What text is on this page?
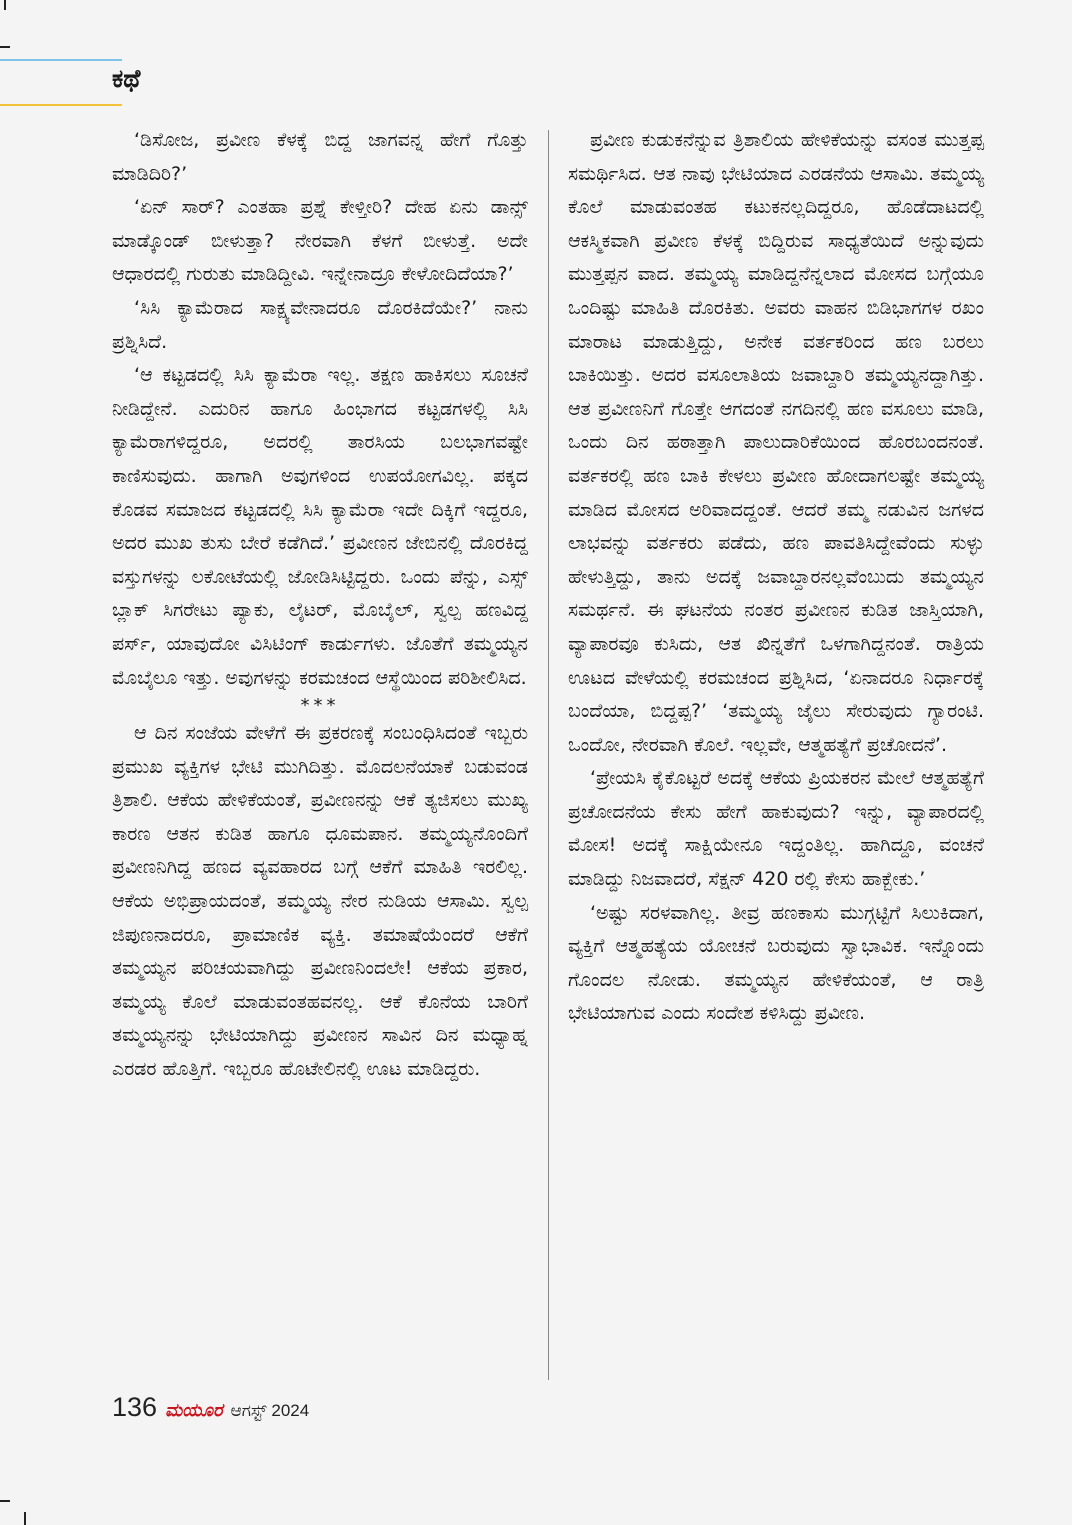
ಕಥೆ

‘ಡಿಸೋಜ, ಪ್ರವೀಣ ಕೆಳಕ್ಕೆ ಬಿದ್ದ ಜಾಗವನ್ನ ಹೇಗೆ ಗೊತ್ತು ಮಾಡಿದಿರಿ?’

‘ಏನ್ ಸಾರ್? ಎಂತಹಾ ಪ್ರಶ್ನೆ ಕೇಳ್ತೀರಿ? ದೇಹ ಏನು ಡಾನ್ಸ್ ಮಾಡ್ಕೊಂಡ್ ಬೀಳುತ್ತಾ? ನೇರವಾಗಿ ಕೆಳಗೆ ಬೀಳುತ್ತೆ. ಅದೇ ಆಧಾರದಲ್ಲಿ ಗುರುತು ಮಾಡಿದ್ದೀವಿ. ಇನ್ನೇನಾದ್ರೂ ಕೇಳೋದಿದೆಯಾ?’

‘ಸಿಸಿ ಕ್ಯಾಮೆರಾದ ಸಾಕ್ಷ್ಯವೇನಾದರೂ ದೊರಕಿದೆಯೇ?’ ನಾನು ಪ್ರಶ್ನಿಸಿದೆ.

‘ಆ ಕಟ್ಟಡದಲ್ಲಿ ಸಿಸಿ ಕ್ಯಾಮೆರಾ ಇಲ್ಲ. ತಕ್ಷಣ ಹಾಕಿಸಲು ಸೂಚನೆ ನೀಡಿದ್ದೇನೆ. ಎದುರಿನ ಹಾಗೂ ಹಿಂಭಾಗದ ಕಟ್ಟಡಗಳಲ್ಲಿ ಸಿಸಿ ಕ್ಯಾಮೆರಾಗಳಿದ್ದರೂ, ಅದರಲ್ಲಿ ತಾರಸಿಯ ಬಲಭಾಗವಷ್ಟೇ ಕಾಣಿಸುವುದು. ಹಾಗಾಗಿ ಅವುಗಳಿಂದ ಉಪಯೋಗವಿಲ್ಲ. ಪಕ್ಕದ ಕೊಡವ ಸಮಾಜದ ಕಟ್ಟಡದಲ್ಲಿ ಸಿಸಿ ಕ್ಯಾಮೆರಾ ಇದೇ ದಿಕ್ಕಿಗೆ ಇದ್ದರೂ, ಅದರ ಮುಖ ತುಸು ಬೇರೆ ಕಡೆಗಿದೆ.’ ಪ್ರವೀಣನ ಜೇಬಿನಲ್ಲಿ ದೊರಕಿದ್ದ ವಸ್ತುಗಳನ್ನು ಲಕೋಟೆಯಲ್ಲಿ ಜೋಡಿಸಿಟ್ಟಿದ್ದರು. ಒಂದು ಪೆನ್ನು, ಎಸ್ಸ್ ಬ್ಲಾಕ್ ಸಿಗರೇಟು ಪ್ಯಾಕು, ಲೈಟರ್, ಮೊಬೈಲ್, ಸ್ವಲ್ಪ ಹಣವಿದ್ದ ಪರ್ಸ್, ಯಾವುದೋ ವಿಸಿಟಿಂಗ್ ಕಾರ್ಡುಗಳು. ಜೊತೆಗೆ ತಮ್ಮಯ್ಯನ ಮೊಬೈಲೂ ಇತ್ತು. ಅವುಗಳನ್ನು ಕರಮಚಂದ ಆಸ್ಥೆಯಿಂದ ಪರಿಶೀಲಿಸಿದ.

***

ಆ ದಿನ ಸಂಜೆಯ ವೇಳೆಗೆ ಈ ಪ್ರಕರಣಕ್ಕೆ ಸಂಬಂಧಿಸಿದಂತೆ ಇಬ್ಬರು ಪ್ರಮುಖ ವ್ಯಕ್ತಿಗಳ ಭೇಟಿ ಮುಗಿದಿತ್ತು. ಮೊದಲನೆಯಾಕೆ ಬಡುವಂಡ ತ್ರಿಶಾಲಿ. ಆಕೆಯ ಹೇಳಿಕೆಯಂತೆ, ಪ್ರವೀಣನನ್ನು ಆಕೆ ತ್ಯಜಿಸಲು ಮುಖ್ಯ ಕಾರಣ ಆತನ ಕುಡಿತ ಹಾಗೂ ಧೂಮಪಾನ. ತಮ್ಮಯ್ಯನೊಂದಿಗೆ ಪ್ರವೀಣನಿಗಿದ್ದ ಹಣದ ವ್ಯವಹಾರದ ಬಗ್ಗೆ ಆಕೆಗೆ ಮಾಹಿತಿ ಇರಲಿಲ್ಲ. ಆಕೆಯ ಅಭಿಪ್ರಾಯದಂತೆ, ತಮ್ಮಯ್ಯ ನೇರ ನುಡಿಯ ಆಸಾಮಿ. ಸ್ವಲ್ಪ ಜಿಪುಣನಾದರೂ, ಪ್ರಾಮಾಣಿಕ ವ್ಯಕ್ತಿ. ತಮಾಷೆಯೆಂದರೆ ಆಕೆಗೆ ತಮ್ಮಯ್ಯನ ಪರಿಚಯವಾಗಿದ್ದು ಪ್ರವೀಣನಿಂದಲೇ! ಆಕೆಯ ಪ್ರಕಾರ, ತಮ್ಮಯ್ಯ ಕೊಲೆ ಮಾಡುವಂತಹವನಲ್ಲ. ಆಕೆ ಕೊನೆಯ ಬಾರಿಗೆ ತಮ್ಮಯ್ಯನನ್ನು ಭೇಟಿಯಾಗಿದ್ದು ಪ್ರವೀಣನ ಸಾವಿನ ದಿನ ಮಧ್ಯಾಹ್ನ ಎರಡರ ಹೊತ್ತಿಗೆ. ಇಬ್ಬರೂ ಹೊಟೇಲಿನಲ್ಲಿ ಊಟ ಮಾಡಿದ್ದರು.

ಪ್ರವೀಣ ಕುಡುಕನೆನ್ನುವ ತ್ರಿಶಾಲಿಯ ಹೇಳಿಕೆಯನ್ನು ವಸಂತ ಮುತ್ತಪ್ಪ ಸಮರ್ಥಿಸಿದ. ಆತ ನಾವು ಭೇಟಿಯಾದ ಎರಡನೆಯ ಆಸಾಮಿ. ತಮ್ಮಯ್ಯ ಕೊಲೆ ಮಾಡುವಂತಹ ಕಟುಕನಲ್ಲದಿದ್ದರೂ, ಹೊಡೆದಾಟದಲ್ಲಿ ಆಕಸ್ಮಿಕವಾಗಿ ಪ್ರವೀಣ ಕೆಳಕ್ಕೆ ಬಿದ್ದಿರುವ ಸಾಧ್ಯತೆಯಿದೆ ಅನ್ನುವುದು ಮುತ್ತಪ್ಪನ ವಾದ. ತಮ್ಮಯ್ಯ ಮಾಡಿದ್ದನೆನ್ನಲಾದ ಮೋಸದ ಬಗ್ಗೆಯೂ ಒಂದಿಷ್ಟು ಮಾಹಿತಿ ದೊರಕಿತು. ಅವರು ವಾಹನ ಬಿಡಿಭಾಗಗಳ ರಖಂ ಮಾರಾಟ ಮಾಡುತ್ತಿದ್ದು, ಅನೇಕ ವರ್ತಕರಿಂದ ಹಣ ಬರಲು ಬಾಕಿಯಿತ್ತು. ಅದರ ವಸೂಲಾತಿಯ ಜವಾಬ್ದಾರಿ ತಮ್ಮಯ್ಯನದ್ದಾಗಿತ್ತು. ಆತ ಪ್ರವೀಣನಿಗೆ ಗೊತ್ತೇ ಆಗದಂತೆ ನಗದಿನಲ್ಲಿ ಹಣ ವಸೂಲು ಮಾಡಿ, ಒಂದು ದಿನ ಹಠಾತ್ತಾಗಿ ಪಾಲುದಾರಿಕೆಯಿಂದ ಹೊರಬಂದನಂತೆ. ವರ್ತಕರಲ್ಲಿ ಹಣ ಬಾಕಿ ಕೇಳಲು ಪ್ರವೀಣ ಹೋದಾಗಲಷ್ಟೇ ತಮ್ಮಯ್ಯ ಮಾಡಿದ ಮೋಸದ ಅರಿವಾದದ್ದಂತೆ. ಆದರೆ ತಮ್ಮ ನಡುವಿನ ಜಗಳದ ಲಾಭವನ್ನು ವರ್ತಕರು ಪಡೆದು, ಹಣ ಪಾವತಿಸಿದ್ದೇವೆಂದು ಸುಳ್ಳು ಹೇಳುತ್ತಿದ್ದು, ತಾನು ಅದಕ್ಕೆ ಜವಾಬ್ದಾರನಲ್ಲವೆಂಬುದು ತಮ್ಮಯ್ಯನ ಸಮರ್ಥನೆ. ಈ ಘಟನೆಯ ನಂತರ ಪ್ರವೀಣನ ಕುಡಿತ ಜಾಸ್ತಿಯಾಗಿ, ವ್ಯಾಪಾರವೂ ಕುಸಿದು, ಆತ ಖಿನ್ನತೆಗೆ ಒಳಗಾಗಿದ್ದನಂತೆ. ರಾತ್ರಿಯ ಊಟದ ವೇಳೆಯಲ್ಲಿ ಕರಮಚಂದ ಪ್ರಶ್ನಿಸಿದ, ‘ಏನಾದರೂ ನಿರ್ಧಾರಕ್ಕೆ ಬಂದೆಯಾ, ಬಿದ್ದಪ್ಪ?’ ‘ತಮ್ಮಯ್ಯ ಜೈಲು ಸೇರುವುದು ಗ್ಯಾರಂಟಿ. ಒಂದೋ, ನೇರವಾಗಿ ಕೊಲೆ. ಇಲ್ಲವೇ, ಆತ್ಮಹತ್ಯೆಗೆ ಪ್ರಚೋದನೆ’.

‘ಪ್ರೇಯಸಿ ಕೈಕೊಟ್ಟರೆ ಅದಕ್ಕೆ ಆಕೆಯ ಪ್ರಿಯಕರನ ಮೇಲೆ ಆತ್ಮಹತ್ಯೆಗೆ ಪ್ರಚೋದನೆಯ ಕೇಸು ಹೇಗೆ ಹಾಕುವುದು? ಇನ್ನು, ವ್ಯಾಪಾರದಲ್ಲಿ ಮೋಸ! ಅದಕ್ಕೆ ಸಾಕ್ಷಿಯೇನೂ ಇದ್ದಂತಿಲ್ಲ. ಹಾಗಿದ್ದೂ, ವಂಚನೆ ಮಾಡಿದ್ದು ನಿಜವಾದರೆ, ಸೆಕ್ಷನ್ 420 ರಲ್ಲಿ ಕೇಸು ಹಾಕ್ಬೇಕು.’

‘ಅಷ್ಟು ಸರಳವಾಗಿಲ್ಲ. ತೀವ್ರ ಹಣಕಾಸು ಮುಗ್ಗಟ್ಟಿಗೆ ಸಿಲುಕಿದಾಗ, ವ್ಯಕ್ತಿಗೆ ಆತ್ಮಹತ್ಯೆಯ ಯೋಚನೆ ಬರುವುದು ಸ್ವಾಭಾವಿಕ. ಇನ್ನೊಂದು ಗೊಂದಲ ನೋಡು. ತಮ್ಮಯ್ಯನ ಹೇಳಿಕೆಯಂತೆ, ಆ ರಾತ್ರಿ ಭೇಟಿಯಾಗುವ ಎಂದು ಸಂದೇಶ ಕಳಿಸಿದ್ದು ಪ್ರವೀಣ.

136 ಮಯೂರ ಆಗಸ್ಟ್ 2024
